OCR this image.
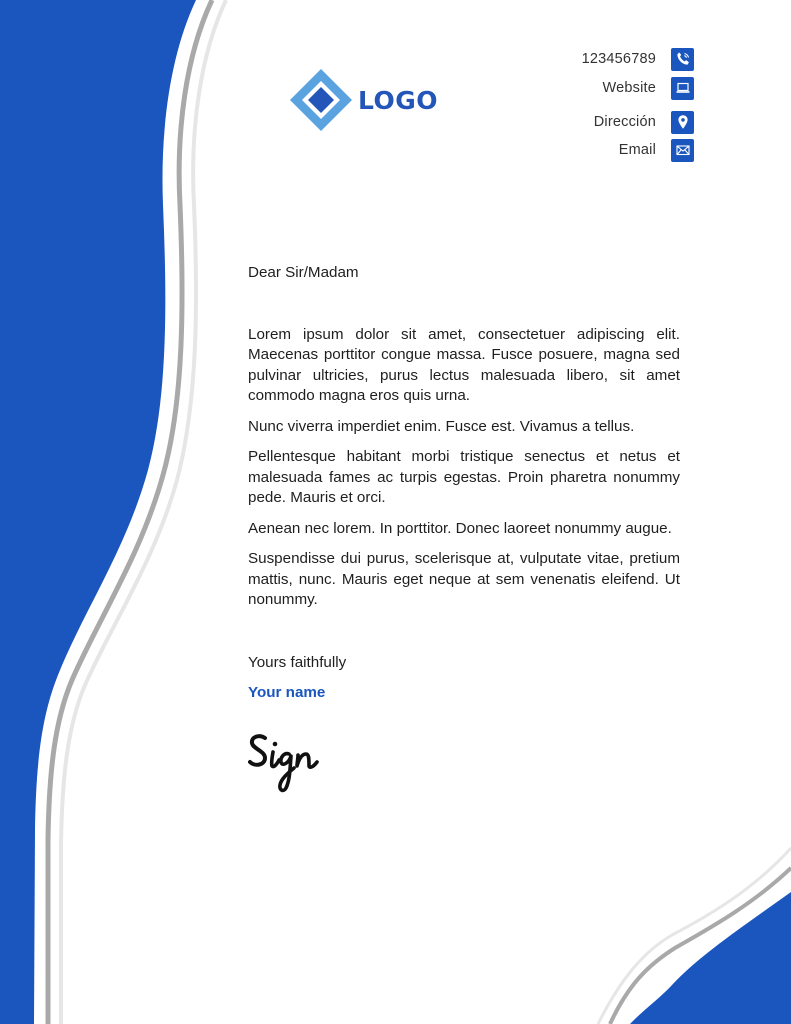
LOGO
123456789
Website
Dirección
Email

Dear Sir/Madam

Lorem ipsum dolor sit amet, consectetuer adipiscing elit. Maecenas porttitor congue massa. Fusce posuere, magna sed pulvinar ultricies, purus lectus malesuada libero, sit amet commodo magna eros quis urna.

Nunc viverra imperdiet enim. Fusce est. Vivamus a tellus.

Pellentesque habitant morbi tristique senectus et netus et malesuada fames ac turpis egestas. Proin pharetra nonummy pede. Mauris et orci.

Aenean nec lorem. In porttitor. Donec laoreet nonummy augue.

Suspendisse dui purus, scelerisque at, vulputate vitae, pretium mattis, nunc. Mauris eget neque at sem venenatis eleifend. Ut nonummy.

Yours faithfully

Your name
